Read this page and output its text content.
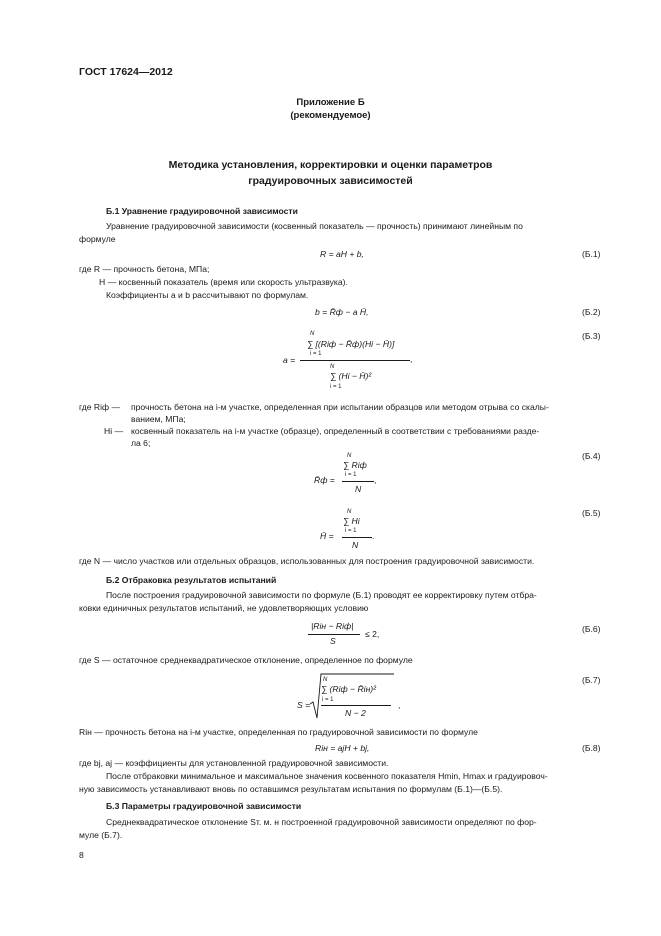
ГОСТ 17624—2012
Приложение Б
(рекомендуемое)
Методика установления, корректировки и оценки параметров
градуировочных зависимостей
Б.1 Уравнение градуировочной зависимости
Уравнение градуировочной зависимости (косвенный показатель — прочность) принимают линейным по
формуле
R = aH + b,	(Б.1)
где R — прочность бетона, МПа;
H — косвенный показатель (время или скорость ультразвука).
Коэффициенты a и b рассчитывают по формулам.
b = R̄ф − a H̄,	(Б.2)
(Б.3)
a =
N
∑ [(Riф − R̄ф)(Hi − H̄)]
i = 1	,
∑ (Hi − H̄)²
N
i = 1
где Riф — прочность бетона на i-м участке, определенная при испытании образцов или методом отрыва со скалы-
ванием, МПа;
Hi — косвенный показатель на i-м участке (образце), определенный в соответствии с требованиями разде-
ла 6;
(Б.4)
N
∑ Riф
R̄ф = i = 1 ,
N
(Б.5)
N
∑ Hi
H̄ = i = 1 .
N
где N — число участков или отдельных образцов, использованных для построения градуировочной зависимости.
Б.2 Отбраковка результатов испытаний
После построения градуировочной зависимости по формуле (Б.1) проводят ее корректировку путем отбра-
ковки единичных результатов испытаний, не удовлетворяющих условию
|Riн − Riф|
S
≤ 2,	(Б.6)
где S — остаточное среднеквадратическое отклонение, определенное по формуле
(Б.7)
S =
N
∑ (Riф − R̄iн)²
i = 1
N − 2
,
Riн — прочность бетона на i-м участке, определенная по градуировочной зависимости по формуле
Riн = ajH + bj,	(Б.8)
где bj, aj — коэффициенты для установленной градуировочной зависимости.
После отбраковки минимальное и максимальное значения косвенного показателя Hmin, Hmax и градуировоч-
ную зависимость устанавливают вновь по оставшимся результатам испытания по формулам (Б.1)—(Б.5).
Б.3 Параметры градуировочной зависимости
Среднеквадратическое отклонение Sт. м. н построенной градуировочной зависимости определяют по фор-
муле (Б.7).
8
